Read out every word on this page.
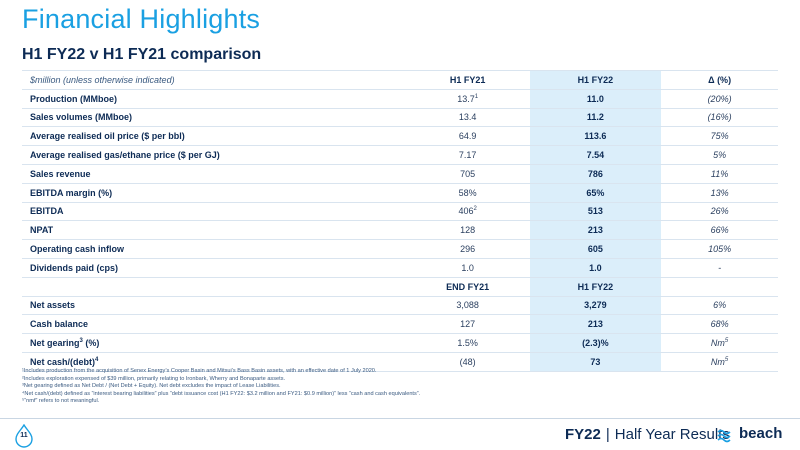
Financial Highlights
H1 FY22 v H1 FY21 comparison
$million (unless otherwise indicated)	H1 FY21	H1 FY22	Δ (%)
Production (MMboe)	13.7$^1$	11.0	(20%)
Sales volumes (MMboe)	13.4	11.2	(16%)
Average realised oil price ($ per bbl)	64.9	113.6	75%
Average realised gas/ethane price ($ per GJ)	7.17	7.54	5%
Sales revenue	705	786	11%
EBITDA margin (%)	58%	65%	13%
EBITDA	$406^2$	513	26%
NPAT	128	213	66%
Operating cash inflow	296	605	105%
Dividends paid (cps)	1.0	1.0	-
	END FY21	H1 FY22	
Net assets	3,088	3,279	6%
Cash balance	127	213	68%
Net gearing$^3$ (%)	1.5%	(2.3)%	Nm$^5$
Net cash/(debt)$^4$	(48)	73	Nm$^5$
¹Includes production from the acquisition of Senex Energy’s Cooper Basin and Mitsui’s Bass Basin assets, with an effective date of 1 July 2020.
²Includes exploration expensed of $39 million, primarily relating to Ironbark, Wherry and Bonaparte assets.
³Net gearing defined as Net Debt / (Net Debt + Equity). Net debt excludes the impact of Lease Liabilities.
⁴Net cash/(debt) defined as “interest bearing liabilities” plus “debt issuance cost (H1 FY22: $3.2 million and FY21: $0.9 million)” less “cash and cash equivalents”.
⁵“nmf” refers to not meaningful.
11	FY22 | Half Year Results beach
